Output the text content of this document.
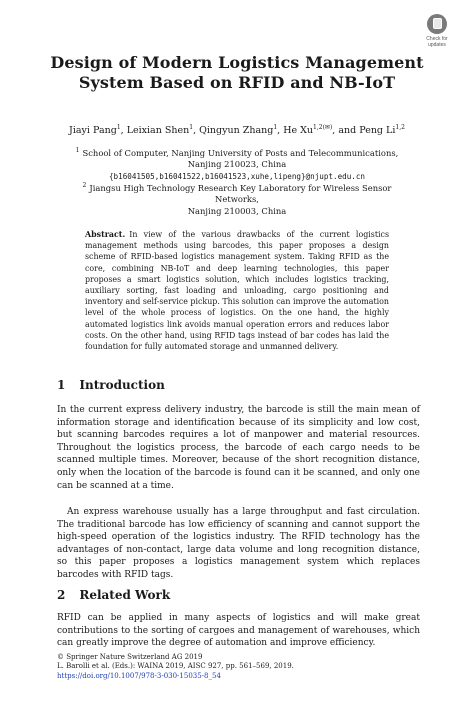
Check for
updates
Design of Modern Logistics Management System Based on RFID and NB-IoT

Jiayi Pang$^1$, Leixian Shen$^1$, Qingyun Zhang$^1$, He $Xu^{1,2(✉)}$, and Peng Li$^{1,2}$

$^1$ School of Computer, Nanjing University of Posts and Telecommunications,
Nanjing 210023, China
{b16041505,b16041522,b16041523,xuhe,lipeng}@njupt.edu.cn
$^2$ Jiangsu High Technology Research Key Laboratory for Wireless Sensor Networks,
Nanjing 210003, China

Abstract. In view of the various drawbacks of the current logistics management methods using barcodes, this paper proposes a design scheme of RFID-based logistics management system. Taking RFID as the core, combining NB-IoT and deep learning technologies, this paper proposes a smart logistics solution, which includes logistics tracking, auxiliary sorting, fast loading and unloading, cargo positioning and inventory and self-service pickup. This solution can improve the automation level of the whole process of logistics. On the one hand, the highly automated logistics link avoids manual operation errors and reduces labor costs. On the other hand, using RFID tags instead of bar codes has laid the foundation for fully automated storage and unmanned delivery.

1 Introduction

In the current express delivery industry, the barcode is still the main mean of information storage and identification because of its simplicity and low cost, but scanning barcodes requires a lot of manpower and material resources. Throughout the logistics process, the barcode of each cargo needs to be scanned multiple times. Moreover, because of the short recognition distance, only when the location of the barcode is found can it be scanned, and only one can be scanned at a time.

An express warehouse usually has a large throughput and fast circulation. The traditional barcode has low efficiency of scanning and cannot support the high-speed operation of the logistics industry. The RFID technology has the advantages of non-contact, large data volume and long recognition distance, so this paper proposes a logistics management system which replaces barcodes with RFID tags.

2 Related Work

RFID can be applied in many aspects of logistics and will make great contributions to the sorting of cargoes and management of warehouses, which can greatly improve the degree of automation and improve efficiency.

© Springer Nature Switzerland AG 2019
L. Barolli et al. (Eds.): WAINA 2019, AISC 927, pp. 561–569, 2019.
https://doi.org/10.1007/978-3-030-15035-8_54
